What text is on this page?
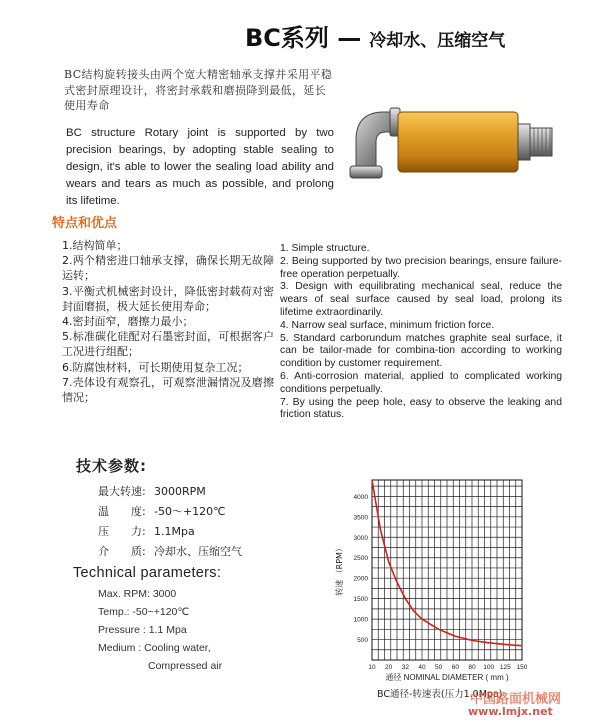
BC系列 — 冷却水、压缩空气
BC结构旋转接头由两个宽大精密轴承支撑并采用平稳式密封原理设计，将密封承载和磨损降到最低，延长使用寿命
BC structure Rotary joint is supported by two precision bearings, by adopting stable sealing to design, it's able to lower the sealing load ability and wears and tears as much as possible, and prolong its lifetime.
特点和优点
1.结构简单；
2.两个精密进口轴承支撑，确保长期无故障运转；
3.平衡式机械密封设计，降低密封载荷对密封面磨损，极大延长使用寿命；
4.密封面窄，磨擦力最小；
5.标准碳化硅配对石墨密封面，可根据客户工况进行组配；
6.防腐蚀材料，可长期使用复杂工况；
7.壳体设有观察孔，可观察泄漏情况及磨擦情况；
1. Simple structure.
2. Being supported by two precision bearings, ensure failure-free operation perpetually.
3. Design with equilibrating mechanical seal, reduce the wears of seal surface caused by seal load, prolong its lifetime extraordinarily.
4. Narrow seal surface, minimum friction force.
5. Standard carborundum matches graphite seal surface, it can be tailor-made for combina-tion according to working condition by customer requirement.
6. Anti-corrosion material, applied to complicated working conditions perpetually.
7. By using the peep hole, easy to observe the leaking and friction status.
技术参数:
最大转速: 3000RPM
温　　度: -50～+120℃
压　　力: 1.1Mpa
介　　质: 冷却水、压缩空气
Technical parameters:
Max. RPM: 3000
Temp.: -50~+120℃
Pressure : 1.1 Mpa
Medium : Cooling water,
Compressed air
500
1000
1500
2000
2500
3000
3500
4000
10 20 32 40 50 60 80 100 125 150
通径 NOMINAL DIAMETER ( mm )
转速 （RPM）
BC通径-转速表(压力1.0Mpa)
中国路面机械网
www.lmjx.net
